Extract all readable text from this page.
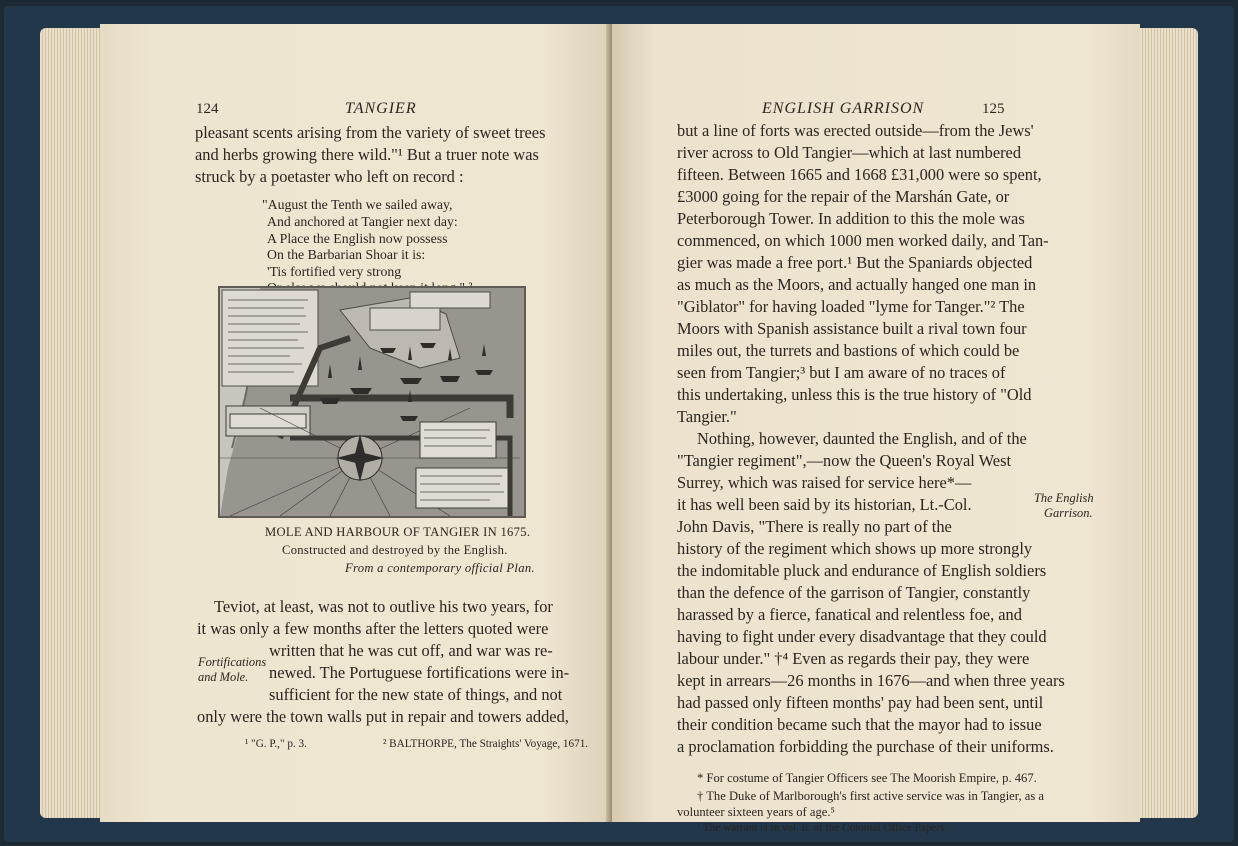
124	TANGIER
pleasant scents arising from the variety of sweet trees
and herbs growing there wild."¹ But a truer note was
struck by a poetaster who left on record :
"August the Tenth we sailed away,
And anchored at Tangier next day:
A Place the English now possess
On the Barbarian Shoar it is:
'Tis fortified very strong
MOLE AND HARBOUR OF TANGIER IN 1675.
Constructed and destroyed by the English.
From a contemporary official Plan.
Teviot, at least, was not to outlive his two years, for
it was only a few months after the letters quoted were
written that he was cut off, and war was re-
newed. The Portuguese fortifications were in-
sufficient for the new state of things, and not
only were the town walls put in repair and towers added,
Fortifications
and Mole.
¹ "G. P.," p. 3.	² BALTHORPE, The Straights' Voyage, 1671.
ENGLISH GARRISON	125
but a line of forts was erected outside—from the Jews'
river across to Old Tangier—which at last numbered
fifteen. Between 1665 and 1668 £31,000 were so spent,
£3000 going for the repair of the Marshán Gate, or
Peterborough Tower. In addition to this the mole was
commenced, on which 1000 men worked daily, and Tan-
gier was made a free port.¹ But the Spaniards objected
as much as the Moors, and actually hanged one man in
"Giblator" for having loaded "lyme for Tanger."² The
Moors with Spanish assistance built a rival town four
miles out, the turrets and bastions of which could be
seen from Tangier;³ but I am aware of no traces of
this undertaking, unless this is the true history of "Old
Tangier."
Nothing, however, daunted the English, and of the
"Tangier regiment",—now the Queen's Royal West
Surrey, which was raised for service here*—
it has well been said by its historian, Lt.-Col.
John Davis, "There is really no part of the
history of the regiment which shows up more strongly
the indomitable pluck and endurance of English soldiers
than the defence of the garrison of Tangier, constantly
harassed by a fierce, fanatical and relentless foe, and
having to fight under every disadvantage that they could
labour under." †⁴ Even as regards their pay, they were
kept in arrears—26 months in 1676—and when three years
had passed only fifteen months' pay had been sent, until
their condition became such that the mayor had to issue
a proclamation forbidding the purchase of their uniforms.
The English
Garrison.
* For costume of Tangier Officers see The Moorish Empire, p. 467.
† The Duke of Marlborough's first active service was in Tangier, as a
volunteer sixteen years of age.⁵
¹ The warrant is in vol. ii. of the Colonial Office Papers.
